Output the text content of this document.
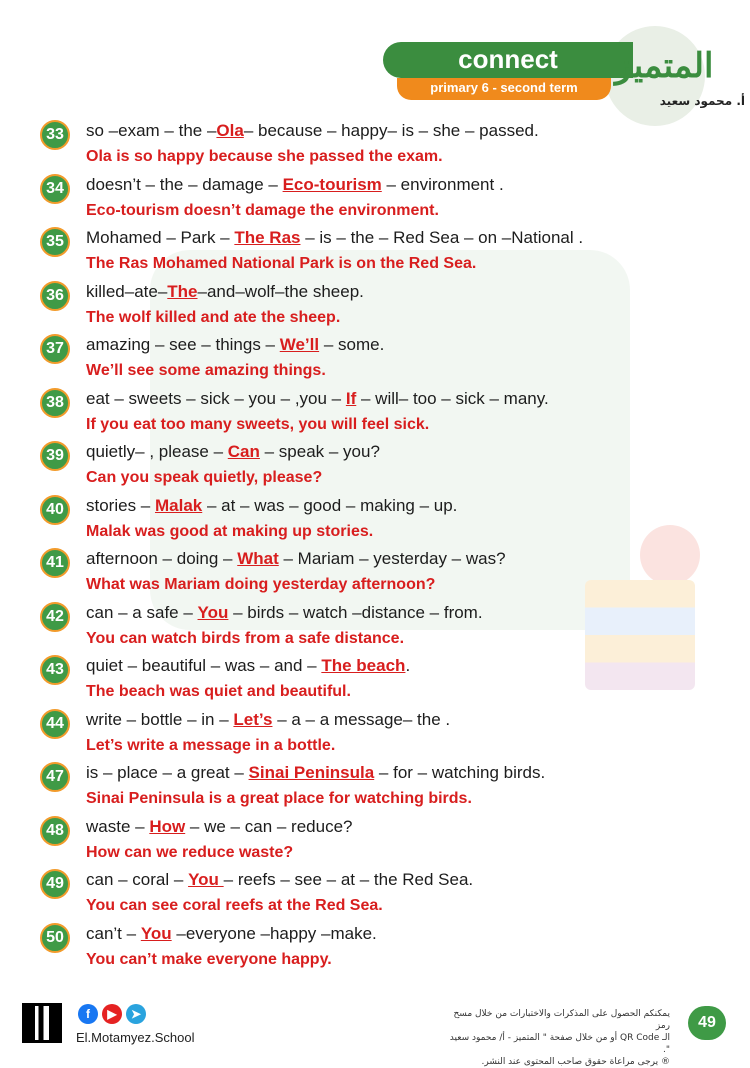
connect
primary 6 - second term
المتميز
أ. محمود سعيد
33	so –exam – the –Ola– because – happy– is – she – passed.
Ola is so happy because she passed the exam.
34	doesn’t – the – damage – Eco-tourism – environment .
Eco-tourism doesn’t damage the environment.
35	Mohamed – Park – The Ras – is – the – Red Sea – on –National .
The Ras Mohamed National Park is on the Red Sea.
36	killed–ate–The–and–wolf–the sheep.
The wolf killed and ate the sheep.
37	amazing – see – things – We’ll – some.
We’ll see some amazing things.
38	eat – sweets – sick – you – ,you – If – will– too – sick – many.
If you eat too many sweets, you will feel sick.
39	quietly– , please – Can – speak – you?
Can you speak quietly, please?
40	stories – Malak – at – was – good – making – up.
Malak was good at making up stories.
41	afternoon – doing – What – Mariam – yesterday – was?
What was Mariam doing yesterday afternoon?
42	can – a safe – You – birds – watch –distance – from.
You can watch birds from a safe distance.
43	quiet – beautiful – was – and – The beach.
The beach was quiet and beautiful.
44	write – bottle – in – Let’s – a – a message– the .
Let’s write a message in a bottle.
47	is – place – a great – Sinai Peninsula – for – watching birds.
Sinai Peninsula is a great place for watching birds.
48	waste – How – we – can – reduce?
How can we reduce waste?
49	can – coral – You – reefs – see – at – the Red Sea.
You can see coral reefs at the Red Sea.
50	can’t – You –everyone –happy –make.
You can’t make everyone happy.
f	▶	➤
El.Motamyez.School
يمكنكم الحصول على المذكرات والاختبارات من خلال مسح رمز
الـ QR Code أو من خلال صفحة " المتميز - أ/ محمود سعيد ".
® يرجى مراعاة حقوق صاحب المحتوى عند النشر.
49
